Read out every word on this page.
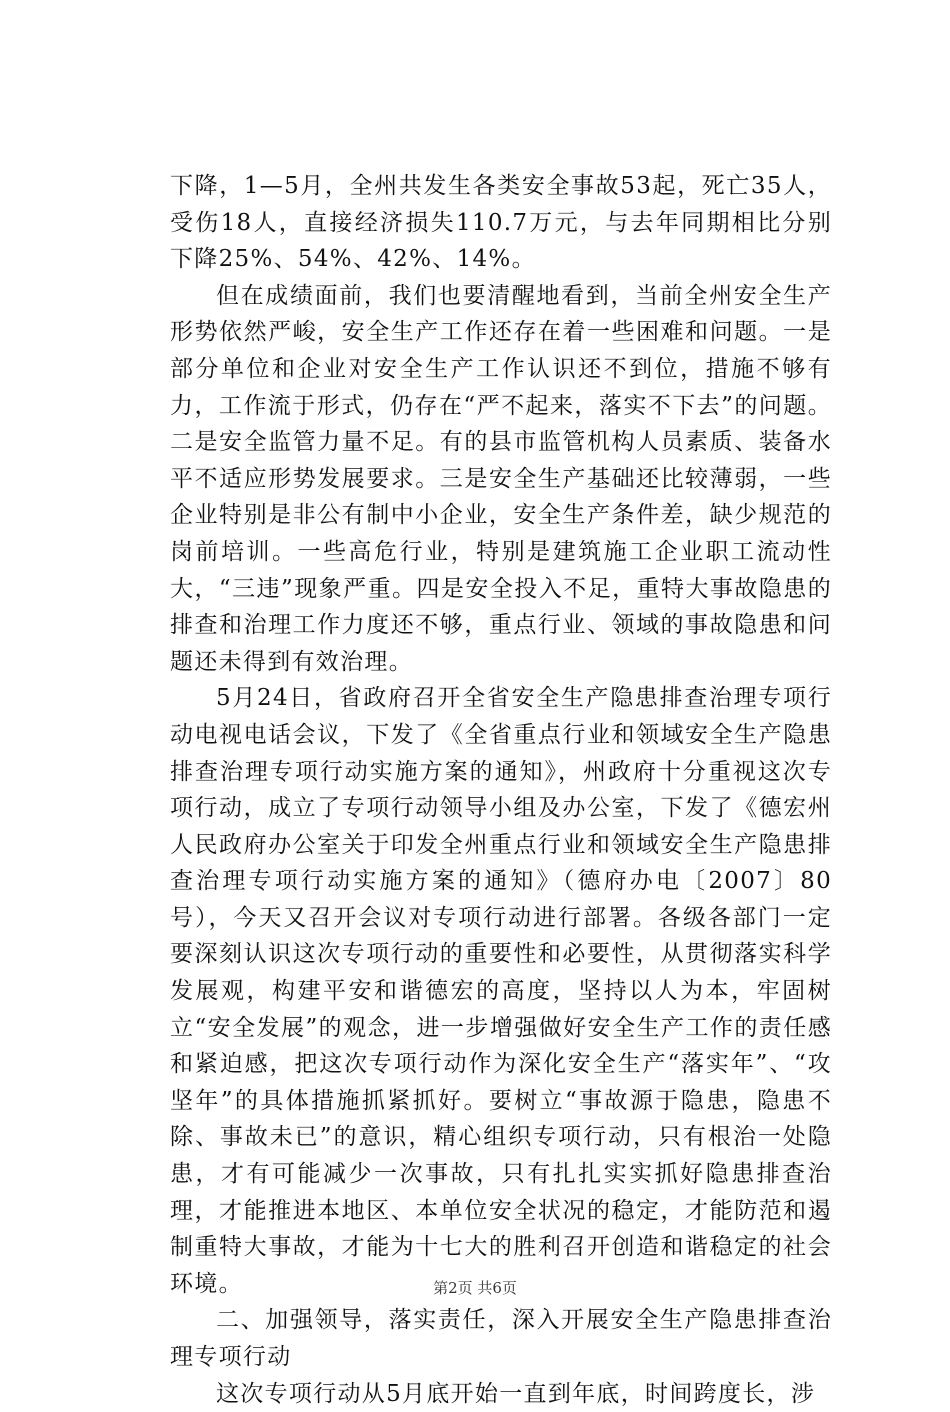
下降，1—5月，全州共发生各类安全事故53起，死亡35人，受伤18人，直接经济损失110.7万元，与去年同期相比分别下降25%、54%、42%、14%。

但在成绩面前，我们也要清醒地看到，当前全州安全生产形势依然严峻，安全生产工作还存在着一些困难和问题。一是部分单位和企业对安全生产工作认识还不到位，措施不够有力，工作流于形式，仍存在“严不起来，落实不下去”的问题。二是安全监管力量不足。有的县市监管机构人员素质、装备水平不适应形势发展要求。三是安全生产基础还比较薄弱，一些企业特别是非公有制中小企业，安全生产条件差，缺少规范的岗前培训。一些高危行业，特别是建筑施工企业职工流动性大，“三违”现象严重。四是安全投入不足，重特大事故隐患的排查和治理工作力度还不够，重点行业、领域的事故隐患和问题还未得到有效治理。

5月24日，省政府召开全省安全生产隐患排查治理专项行动电视电话会议，下发了《全省重点行业和领域安全生产隐患排查治理专项行动实施方案的通知》，州政府十分重视这次专项行动，成立了专项行动领导小组及办公室，下发了《德宏州人民政府办公室关于印发全州重点行业和领域安全生产隐患排查治理专项行动实施方案的通知》（德府办电〔2007〕80号），今天又召开会议对专项行动进行部署。各级各部门一定要深刻认识这次专项行动的重要性和必要性，从贯彻落实科学发展观，构建平安和谐德宏的高度，坚持以人为本，牢固树立“安全发展”的观念，进一步增强做好安全生产工作的责任感和紧迫感，把这次专项行动作为深化安全生产“落实年”、“攻坚年”的具体措施抓紧抓好。要树立“事故源于隐患，隐患不除、事故未已”的意识，精心组织专项行动，只有根治一处隐患，才有可能减少一次事故，只有扎扎实实抓好隐患排查治理，才能推进本地区、本单位安全状况的稳定，才能防范和遏制重特大事故，才能为十七大的胜利召开创造和谐稳定的社会环境。

二、加强领导，落实责任，深入开展安全生产隐患排查治理专项行动

这次专项行动从5月底开始一直到年底，时间跨度长，涉

第2页 共6页
